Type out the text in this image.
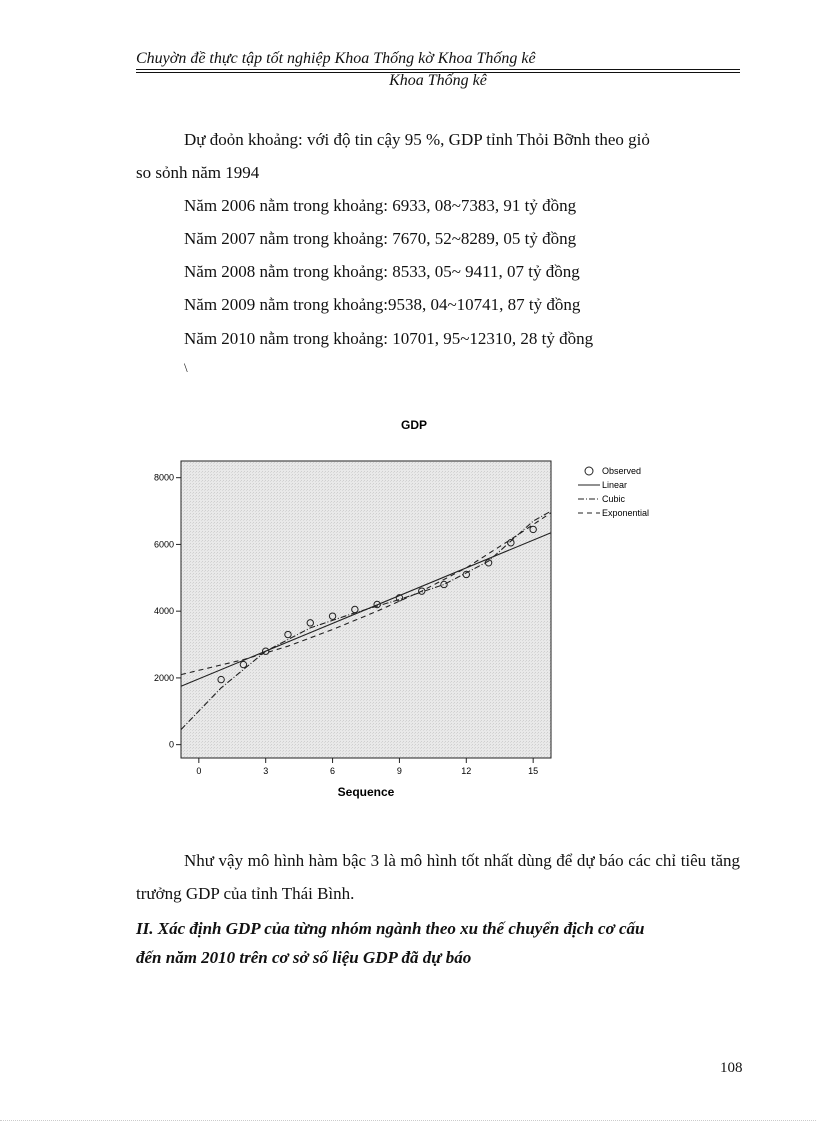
Chuyờn đề thực tập tốt nghiệp Khoa Thống kờ Khoa Thống kê
Khoa Thống kê
Dự đoỏn khoảng: với độ tin cậy 95 %, GDP tỉnh Thỏi Bỡnh theo giỏ
so sỏnh năm 1994
Năm 2006 nằm trong khoảng: 6933, 08~7383, 91 tỷ đồng
Năm 2007 nằm trong khoảng: 7670, 52~8289, 05 tỷ đồng
Năm 2008 nằm trong khoảng: 8533, 05~ 9411, 07 tỷ đồng
Năm 2009 nằm trong khoảng:9538, 04~10741, 87 tỷ đồng
Năm 2010 nằm trong khoảng: 10701, 95~12310, 28 tỷ đồng
\
GDP
0
2000
4000
6000
8000
0	3	6	9	12	15
Sequence
Observed
Linear
Cubic
Exponential
Như vậy mô hình hàm bậc 3 là mô hình tốt nhất dùng để dự báo các chỉ tiêu tăng trưởng GDP của tỉnh Thái Bình.
II. Xác định GDP của từng nhóm ngành theo xu thế chuyển địch cơ cấu
đến năm 2010 trên cơ sở số liệu GDP đã dự báo
108
